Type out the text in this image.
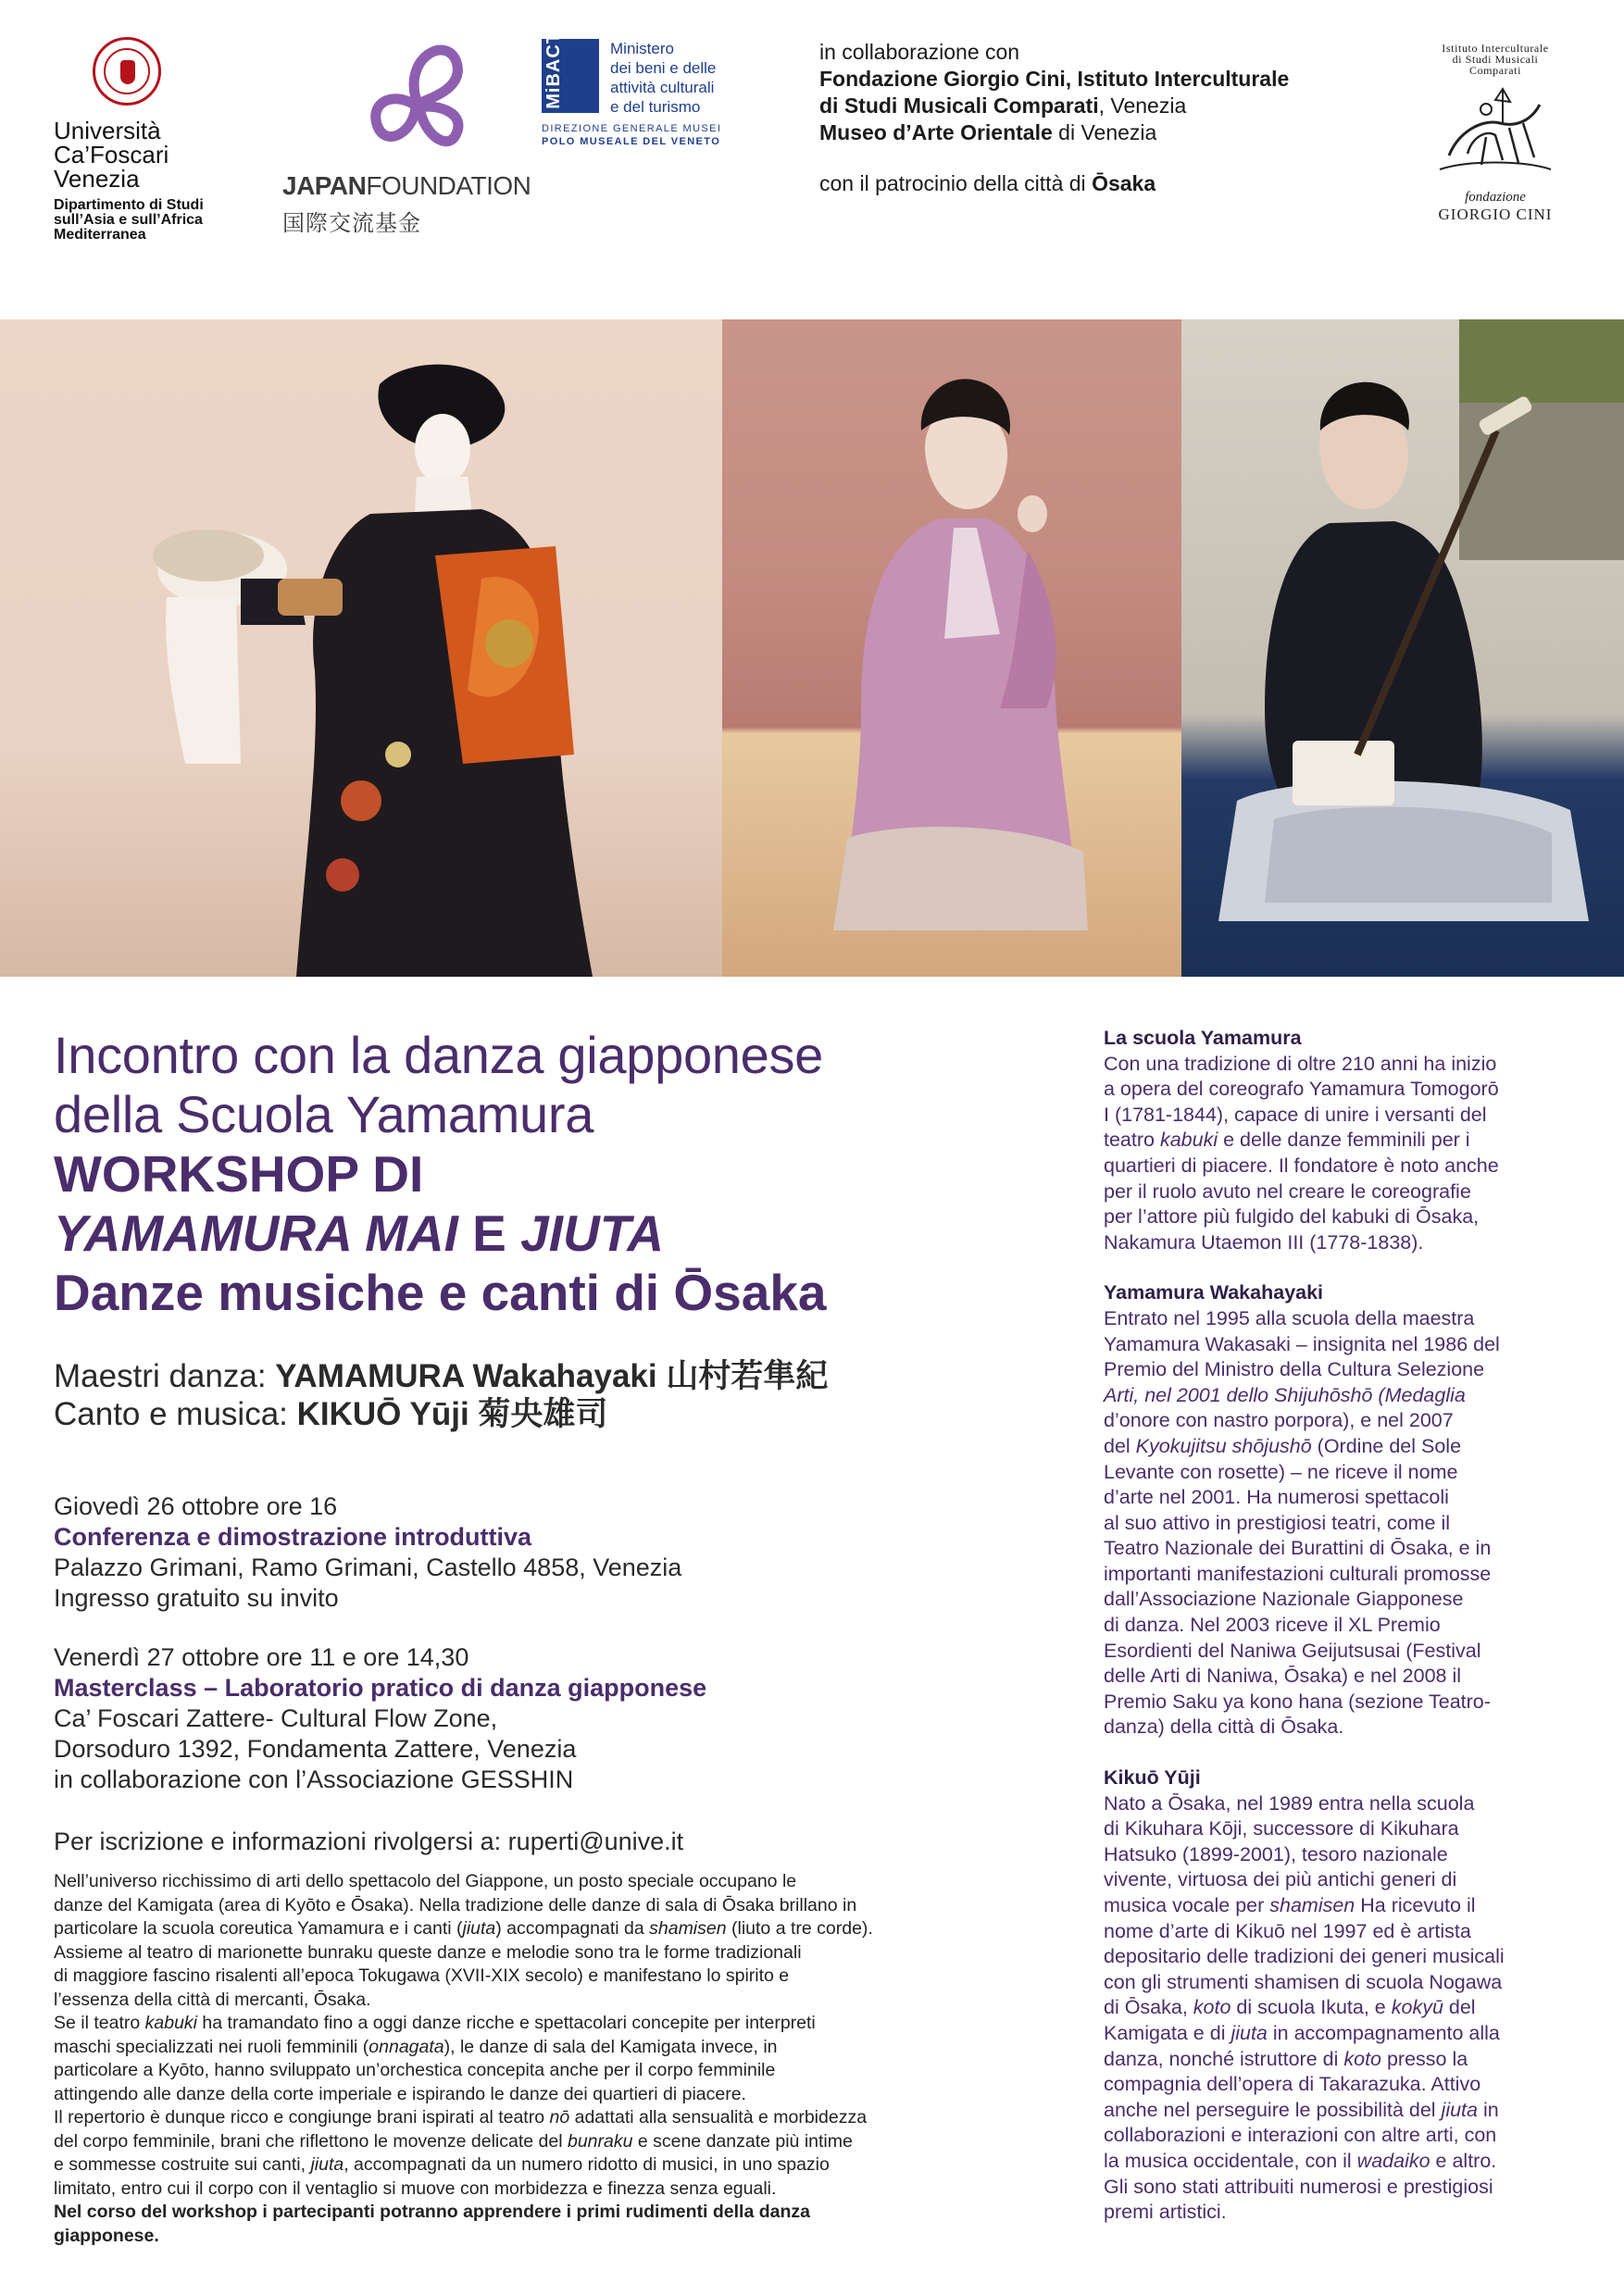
Università
Ca’Foscari
Venezia
Dipartimento di Studi
sull’Asia e sull’Africa
Mediterranea
JAPANFOUNDATION
国際交流基金
MiBACT	Ministero
dei beni e delle
attività culturali
e del turismo
DIREZIONE GENERALE MUSEI
POLO MUSEALE DEL VENETO
in collaborazione con
Fondazione Giorgio Cini, Istituto Interculturale
di Studi Musicali Comparati, Venezia
Museo d’Arte Orientale di Venezia
con il patrocinio della città di Ōsaka
Istituto Interculturale
di Studi Musicali
Comparati
fondazione
GIORGIO CINI
Incontro con la danza giapponese
della Scuola Yamamura
WORKSHOP DI
YAMAMURA MAI E JIUTA
Danze musiche e canti di Ōsaka
Maestri danza: YAMAMURA Wakahayaki 山村若隼紀
Canto e musica: KIKUŌ Yūji 菊央雄司
Giovedì 26 ottobre ore 16
Conferenza e dimostrazione introduttiva
Palazzo Grimani, Ramo Grimani, Castello 4858, Venezia
Ingresso gratuito su invito
Venerdì 27 ottobre ore 11 e ore 14,30
Masterclass – Laboratorio pratico di danza giapponese
Ca’ Foscari Zattere- Cultural Flow Zone,
Dorsoduro 1392, Fondamenta Zattere, Venezia
in collaborazione con l’Associazione GESSHIN
Per iscrizione e informazioni rivolgersi a: ruperti@unive.it
Nell’universo ricchissimo di arti dello spettacolo del Giappone, un posto speciale occupano le
danze del Kamigata (area di Kyōto e Ōsaka). Nella tradizione delle danze di sala di Ōsaka brillano in
particolare la scuola coreutica Yamamura e i canti (jiuta) accompagnati da shamisen (liuto a tre corde).
Assieme al teatro di marionette bunraku queste danze e melodie sono tra le forme tradizionali
di maggiore fascino risalenti all’epoca Tokugawa (XVII-XIX secolo) e manifestano lo spirito e
l’essenza della città di mercanti, Ōsaka.
Se il teatro kabuki ha tramandato fino a oggi danze ricche e spettacolari concepite per interpreti
maschi specializzati nei ruoli femminili (onnagata), le danze di sala del Kamigata invece, in
particolare a Kyōto, hanno sviluppato un’orchestica concepita anche per il corpo femminile
attingendo alle danze della corte imperiale e ispirando le danze dei quartieri di piacere.
Il repertorio è dunque ricco e congiunge brani ispirati al teatro nō adattati alla sensualità e morbidezza
del corpo femminile, brani che riflettono le movenze delicate del bunraku e scene danzate più intime
e sommesse costruite sui canti, jiuta, accompagnati da un numero ridotto di musici, in uno spazio
limitato, entro cui il corpo con il ventaglio si muove con morbidezza e finezza senza eguali.
Nel corso del workshop i partecipanti potranno apprendere i primi rudimenti della danza
giapponese.
La scuola Yamamura
Con una tradizione di oltre 210 anni ha inizio
a opera del coreografo Yamamura Tomogorō
I (1781-1844), capace di unire i versanti del
teatro kabuki e delle danze femminili per i
quartieri di piacere. Il fondatore è noto anche
per il ruolo avuto nel creare le coreografie
per l’attore più fulgido del kabuki di Ōsaka,
Nakamura Utaemon III (1778-1838).
Yamamura Wakahayaki
Entrato nel 1995 alla scuola della maestra
Yamamura Wakasaki – insignita nel 1986 del
Premio del Ministro della Cultura Selezione
Arti, nel 2001 dello Shijuhōshō (Medaglia
d’onore con nastro porpora), e nel 2007
del Kyokujitsu shōjushō (Ordine del Sole
Levante con rosette) – ne riceve il nome
d’arte nel 2001. Ha numerosi spettacoli
al suo attivo in prestigiosi teatri, come il
Teatro Nazionale dei Burattini di Ōsaka, e in
importanti manifestazioni culturali promosse
dall’Associazione Nazionale Giapponese
di danza. Nel 2003 riceve il XL Premio
Esordienti del Naniwa Geijutsusai (Festival
delle Arti di Naniwa, Ōsaka) e nel 2008 il
Premio Saku ya kono hana (sezione Teatro-
danza) della città di Ōsaka.
Kikuō Yūji
Nato a Ōsaka, nel 1989 entra nella scuola
di Kikuhara Kōji, successore di Kikuhara
Hatsuko (1899-2001), tesoro nazionale
vivente, virtuosa dei più antichi generi di
musica vocale per shamisen Ha ricevuto il
nome d’arte di Kikuō nel 1997 ed è artista
depositario delle tradizioni dei generi musicali
con gli strumenti shamisen di scuola Nogawa
di Ōsaka, koto di scuola Ikuta, e kokyū del
Kamigata e di jiuta in accompagnamento alla
danza, nonché istruttore di koto presso la
compagnia dell’opera di Takarazuka. Attivo
anche nel perseguire le possibilità del jiuta in
collaborazioni e interazioni con altre arti, con
la musica occidentale, con il wadaiko e altro.
Gli sono stati attribuiti numerosi e prestigiosi
premi artistici.
